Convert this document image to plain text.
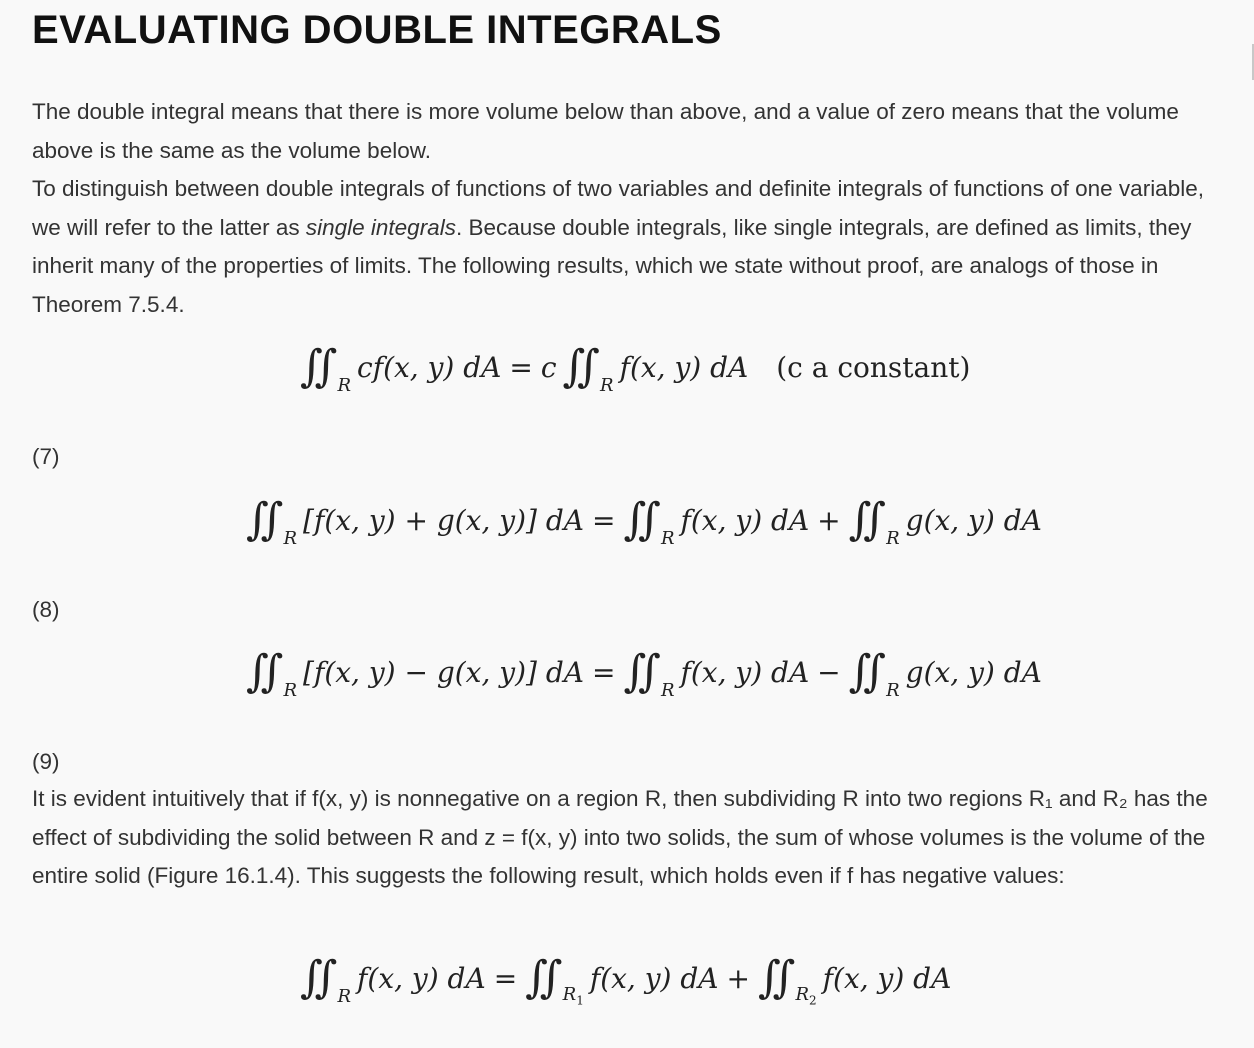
EVALUATING DOUBLE INTEGRALS
The double integral means that there is more volume below than above, and a value of zero means that the volume above is the same as the volume below.
To distinguish between double integrals of functions of two variables and definite integrals of functions of one variable, we will refer to the latter as single integrals. Because double integrals, like single integrals, are defined as limits, they inherit many of the properties of limits. The following results, which we state without proof, are analogs of those in Theorem 7.5.4.
∬ R
cf(x, y) dA = c ∬ R
f(x, y) dA (c a constant)
(7)
∬ R
[f(x, y) + g(x, y)] dA = ∬ R
f(x, y) dA + ∬ R
g(x, y) dA
(8)
∬ R
[f(x, y) − g(x, y)] dA = ∬ R
f(x, y) dA − ∬ R
g(x, y) dA
(9)
It is evident intuitively that if f(x, y) is nonnegative on a region R, then subdividing R into two regions R₁ and R₂ has the effect of subdividing the solid between R and z = f(x, y) into two solids, the sum of whose volumes is the volume of the entire solid (Figure 16.1.4). This suggests the following result, which holds even if f has negative values:
∬ R
f(x, y) dA = ∬ $R_1$
f(x, y) dA + ∬ $R_2$
f(x, y) dA
